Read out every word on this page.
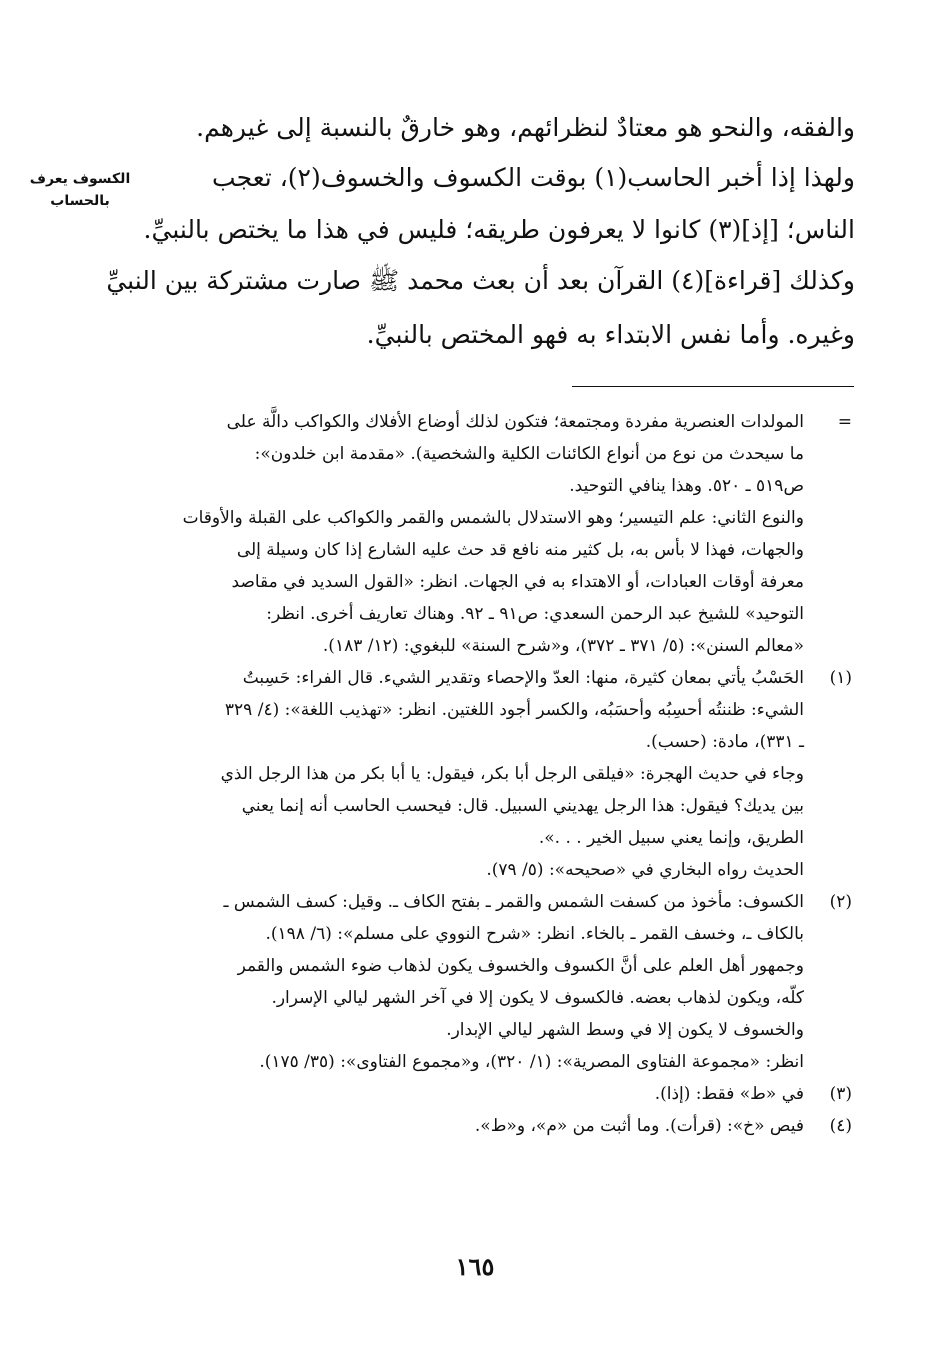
الكسوف يعرف
بالحساب
والفقه، والنحو هو معتادٌ لنظرائهم، وهو خارقٌ بالنسبة إلى غيرهم.
ولهذا إذا أخبر الحاسب(١) بوقت الكسوف والخسوف(٢)، تعجب
الناس؛ [إذ](٣) كانوا لا يعرفون طريقه؛ فليس في هذا ما يختص بالنبيِّ.
وكذلك [قراءة](٤) القرآن بعد أن بعث محمد ﷺ صارت مشتركة بين النبيِّ
وغيره. وأما نفس الابتداء به فهو المختص بالنبيِّ.
=المولدات العنصرية مفردة ومجتمعة؛ فتكون لذلك أوضاع الأفلاك والكواكب دالَّة على
ما سيحدث من نوع من أنواع الكائنات الكلية والشخصية). «مقدمة ابن خلدون»:
ص٥١٩ ـ ٥٢٠. وهذا ينافي التوحيد.
والنوع الثاني: علم التيسير؛ وهو الاستدلال بالشمس والقمر والكواكب على القبلة والأوقات
والجهات، فهذا لا بأس به، بل كثير منه نافع قد حث عليه الشارع إذا كان وسيلة إلى
معرفة أوقات العبادات، أو الاهتداء به في الجهات. انظر: «القول السديد في مقاصد
التوحيد» للشيخ عبد الرحمن السعدي: ص٩١ ـ ٩٢. وهناك تعاريف أخرى. انظر:
«معالم السنن»: (٥/ ٣٧١ ـ ٣٧٢)، و«شرح السنة» للبغوي: (١٢/ ١٨٣).
(١)الحَسْبُ يأتي بمعان كثيرة، منها: العدّ والإحصاء وتقدير الشيء. قال الفراء: حَسِبتُ
الشيء: ظننتُه أحسِبُه وأحسَبُه، والكسر أجود اللغتين. انظر: «تهذيب اللغة»: (٤/ ٣٢٩
ـ ٣٣١)، مادة: (حسب).
وجاء في حديث الهجرة: «فيلقى الرجل أبا بكر، فيقول: يا أبا بكر من هذا الرجل الذي
بين يديك؟ فيقول: هذا الرجل يهديني السبيل. قال: فيحسب الحاسب أنه إنما يعني
الطريق، وإنما يعني سبيل الخير . . .».
الحديث رواه البخاري في «صحيحه»: (٥/ ٧٩).
(٢)الكسوف: مأخوذ من كسفت الشمس والقمر ـ بفتح الكاف ـ. وقيل: كسف الشمس ـ
بالكاف ـ، وخسف القمر ـ بالخاء. انظر: «شرح النووي على مسلم»: (٦/ ١٩٨).
وجمهور أهل العلم على أنَّ الكسوف والخسوف يكون لذهاب ضوء الشمس والقمر
كلّه، ويكون لذهاب بعضه. فالكسوف لا يكون إلا في آخر الشهر ليالي الإسرار.
والخسوف لا يكون إلا في وسط الشهر ليالي الإبدار.
انظر: «مجموعة الفتاوى المصرية»: (١/ ٣٢٠)، و«مجموع الفتاوى»: (٣٥/ ١٧٥).
(٣)في «ط» فقط: (إذا).
(٤)فيص «خ»: (قرأت). وما أثبت من «م»، و«ط».
١٦٥
